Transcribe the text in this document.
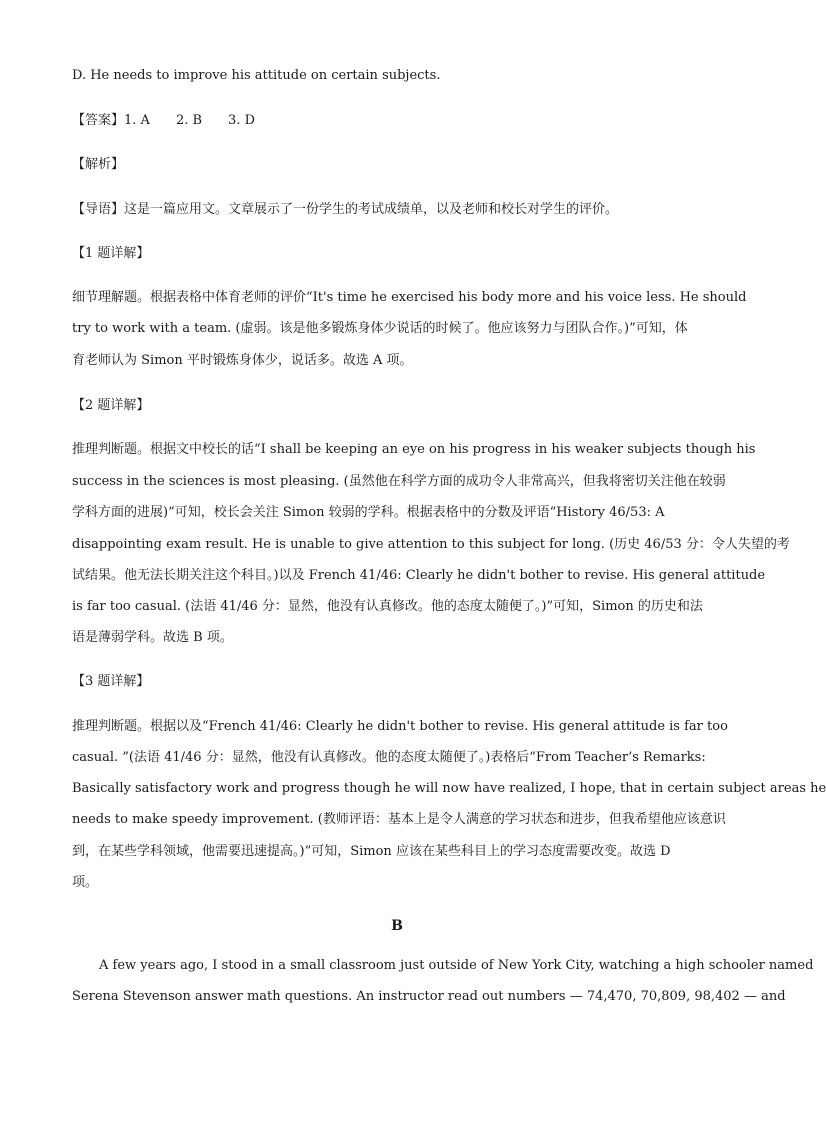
D. He needs to improve his attitude on certain subjects.
【答案】1. A 2. B 3. D
【解析】
【导语】这是一篇应用文。文章展示了一份学生的考试成绩单，以及老师和校长对学生的评价。
【1 题详解】
细节理解题。根据表格中体育老师的评价“It's time he exercised his body more and his voice less. He should
try to work with a team. (虚弱。该是他多锻炼身体少说话的时候了。他应该努力与团队合作。)”可知，体
育老师认为 Simon 平时锻炼身体少，说话多。故选 A 项。
【2 题详解】
推理判断题。根据文中校长的话“I shall be keeping an eye on his progress in his weaker subjects though his
success in the sciences is most pleasing. (虽然他在科学方面的成功令人非常高兴，但我将密切关注他在较弱
学科方面的进展)”可知，校长会关注 Simon 较弱的学科。根据表格中的分数及评语“History 46/53: A
disappointing exam result. He is unable to give attention to this subject for long. (历史 46/53 分：令人失望的考
试结果。他无法长期关注这个科目。)以及 French 41/46: Clearly he didn't bother to revise. His general attitude
is far too casual. (法语 41/46 分：显然，他没有认真修改。他的态度太随便了。)”可知，Simon 的历史和法
语是薄弱学科。故选 B 项。
【3 题详解】
推理判断题。根据以及“French 41/46: Clearly he didn't bother to revise. His general attitude is far too
casual. ”(法语 41/46 分：显然，他没有认真修改。他的态度太随便了。)表格后“From Teacher’s Remarks:
Basically satisfactory work and progress though he will now have realized, I hope, that in certain subject areas he
needs to make speedy improvement. (教师评语：基本上是令人满意的学习状态和进步，但我希望他应该意识
到，在某些学科领域，他需要迅速提高。)”可知，Simon 应该在某些科目上的学习态度需要改变。故选 D
项。
B
A few years ago, I stood in a small classroom just outside of New York City, watching a high schooler named
Serena Stevenson answer math questions. An instructor read out numbers — 74,470, 70,809, 98,402 — and
